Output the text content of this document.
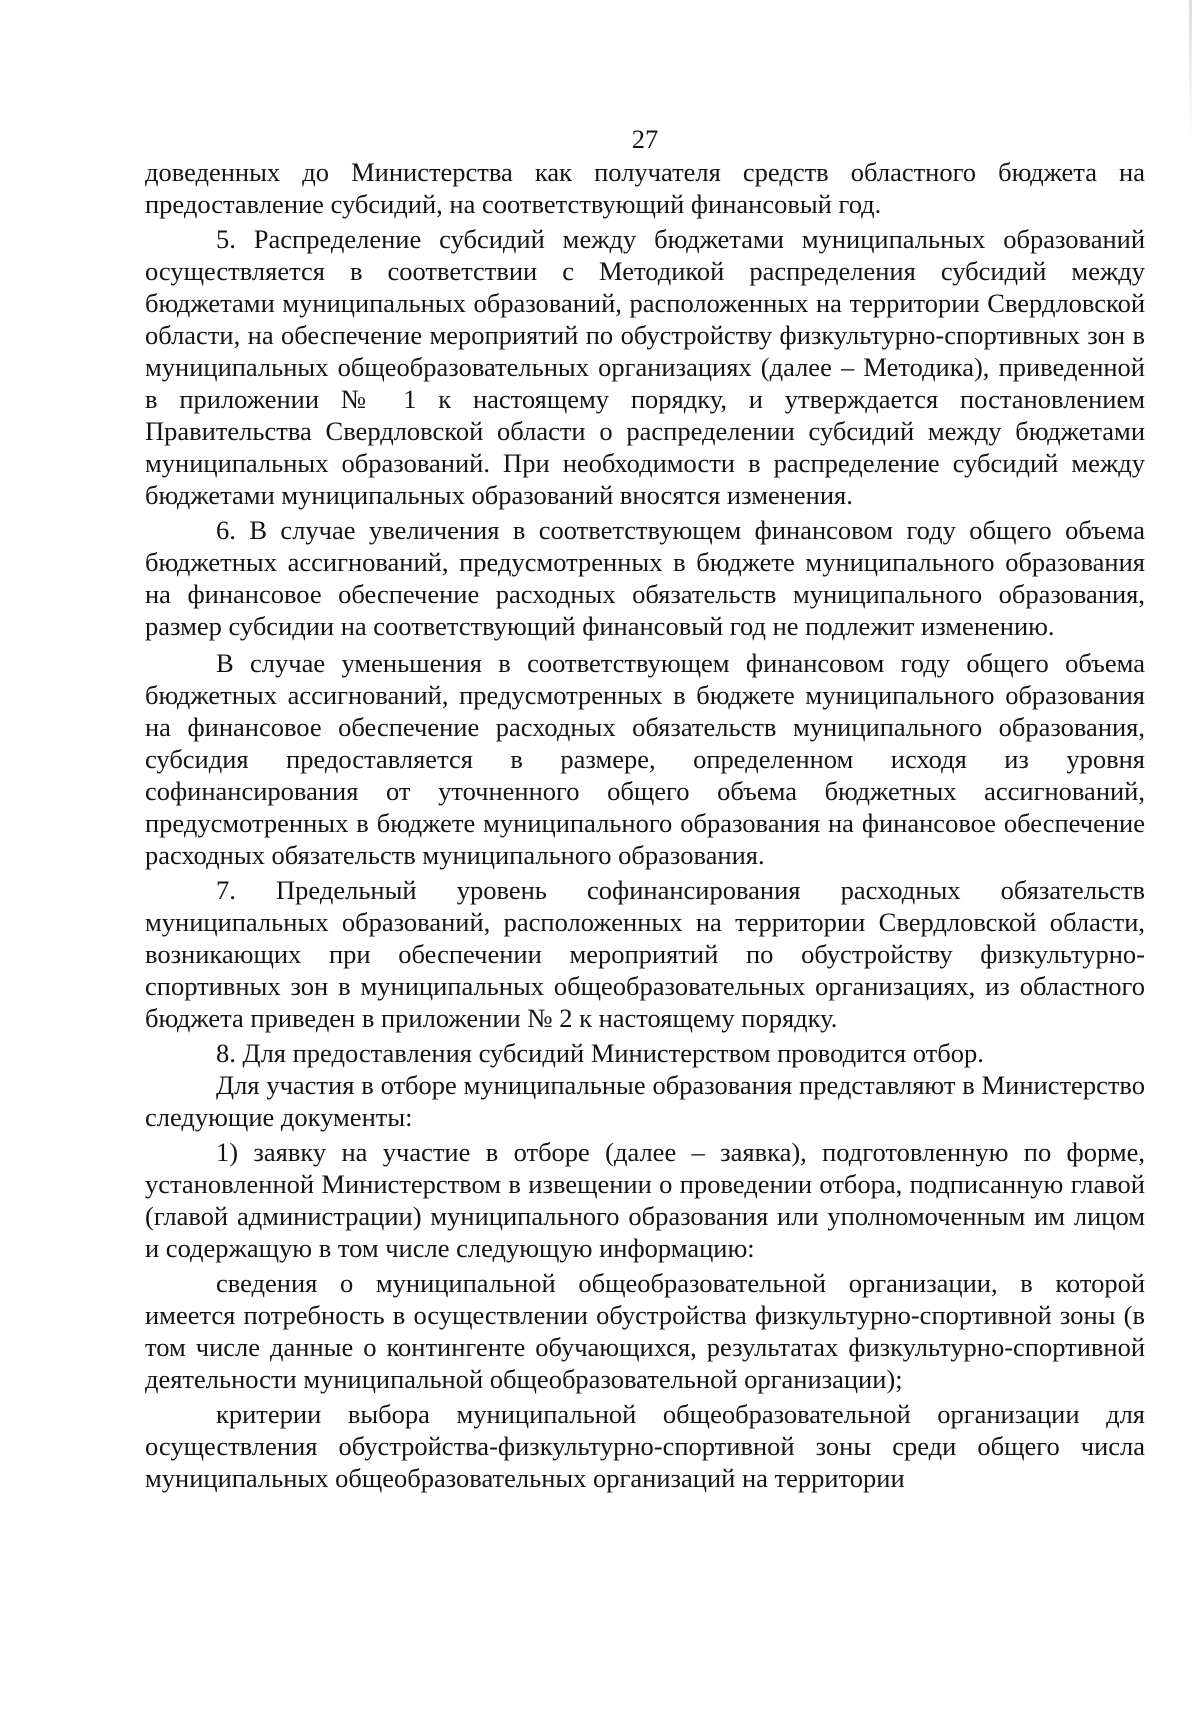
27

доведенных до Министерства как получателя средств областного бюджета на предоставление субсидий, на соответствующий финансовый год.

5. Распределение субсидий между бюджетами муниципальных образований осуществляется в соответствии с Методикой распределения субсидий между бюджетами муниципальных образований, расположенных на территории Свердловской области, на обеспечение мероприятий по обустройству физкультурно-спортивных зон в муниципальных общеобразовательных организациях (далее – Методика), приведенной в приложении № 1 к настоящему порядку, и утверждается постановлением Правительства Свердловской области о распределении субсидий между бюджетами муниципальных образований. При необходимости в распределение субсидий между бюджетами муниципальных образований вносятся изменения.

6. В случае увеличения в соответствующем финансовом году общего объема бюджетных ассигнований, предусмотренных в бюджете муниципального образования на финансовое обеспечение расходных обязательств муниципального образования, размер субсидии на соответствующий финансовый год не подлежит изменению.

В случае уменьшения в соответствующем финансовом году общего объема бюджетных ассигнований, предусмотренных в бюджете муниципального образования на финансовое обеспечение расходных обязательств муниципального образования, субсидия предоставляется в размере, определенном исходя из уровня софинансирования от уточненного общего объема бюджетных ассигнований, предусмотренных в бюджете муниципального образования на финансовое обеспечение расходных обязательств муниципального образования.

7. Предельный уровень софинансирования расходных обязательств муниципальных образований, расположенных на территории Свердловской области, возникающих при обеспечении мероприятий по обустройству физкультурно-спортивных зон в муниципальных общеобразовательных организациях, из областного бюджета приведен в приложении № 2 к настоящему порядку.

8. Для предоставления субсидий Министерством проводится отбор.

Для участия в отборе муниципальные образования представляют в Министерство следующие документы:

1) заявку на участие в отборе (далее – заявка), подготовленную по форме, установленной Министерством в извещении о проведении отбора, подписанную главой (главой администрации) муниципального образования или уполномоченным им лицом и содержащую в том числе следующую информацию:

сведения о муниципальной общеобразовательной организации, в которой имеется потребность в осуществлении обустройства физкультурно-спортивной зоны (в том числе данные о контингенте обучающихся, результатах физкультурно-спортивной деятельности муниципальной общеобразовательной организации);

критерии выбора муниципальной общеобразовательной организации для осуществления обустройства-физкультурно-спортивной зоны среди общего числа муниципальных общеобразовательных организаций на территории
